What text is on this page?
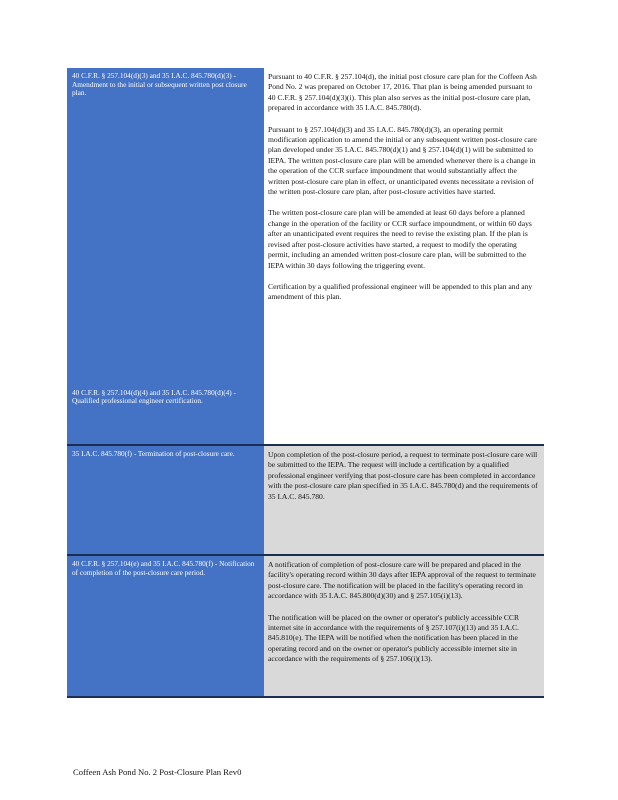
40 C.F.R. § 257.104(d)(3) and 35 I.A.C. 845.780(d)(3) - Amendment to the initial or subsequent written post closure plan.

40 C.F.R. § 257.104(d)(4) and 35 I.A.C. 845.780(d)(4) - Qualified professional engineer certification.

Pursuant to 40 C.F.R. § 257.104(d), the initial post closure care plan for the Coffeen Ash Pond No. 2 was prepared on October 17, 2016. That plan is being amended pursuant to 40 C.F.R. § 257.104(d)(3)(i). This plan also serves as the initial post-closure care plan, prepared in accordance with 35 I.A.C. 845.780(d).

Pursuant to § 257.104(d)(3) and 35 I.A.C. 845.780(d)(3), an operating permit modification application to amend the initial or any subsequent written post-closure care plan developed under 35 I.A.C. 845.780(d)(1) and § 257.104(d)(1) will be submitted to IEPA. The written post-closure care plan will be amended whenever there is a change in the operation of the CCR surface impoundment that would substantially affect the written post-closure care plan in effect, or unanticipated events necessitate a revision of the written post-closure care plan, after post-closure activities have started.

The written post-closure care plan will be amended at least 60 days before a planned change in the operation of the facility or CCR surface impoundment, or within 60 days after an unanticipated event requires the need to revise the existing plan. If the plan is revised after post-closure activities have started, a request to modify the operating permit, including an amended written post-closure care plan, will be submitted to the IEPA within 30 days following the triggering event.

Certification by a qualified professional engineer will be appended to this plan and any amendment of this plan.

35 I.A.C. 845.780(f) - Termination of post-closure care.	Upon completion of the post-closure period, a request to terminate post-closure care will be submitted to the IEPA. The request will include a certification by a qualified professional engineer verifying that post-closure care has been completed in accordance with the post-closure care plan specified in 35 I.A.C. 845.780(d) and the requirements of 35 I.A.C. 845.780.

40 C.F.R. § 257.104(e) and 35 I.A.C. 845.780(f) - Notification of completion of the post-closure care period.

A notification of completion of post-closure care will be prepared and placed in the facility's operating record within 30 days after IEPA approval of the request to terminate post-closure care. The notification will be placed in the facility's operating record in accordance with 35 I.A.C. 845.800(d)(30) and § 257.105(i)(13).

The notification will be placed on the owner or operator's publicly accessible CCR internet site in accordance with the requirements of § 257.107(i)(13) and 35 I.A.C. 845.810(e). The IEPA will be notified when the notification has been placed in the operating record and on the owner or operator's publicly accessible internet site in accordance with the requirements of § 257.106(i)(13).

Coffeen Ash Pond No. 2 Post-Closure Plan Rev0
